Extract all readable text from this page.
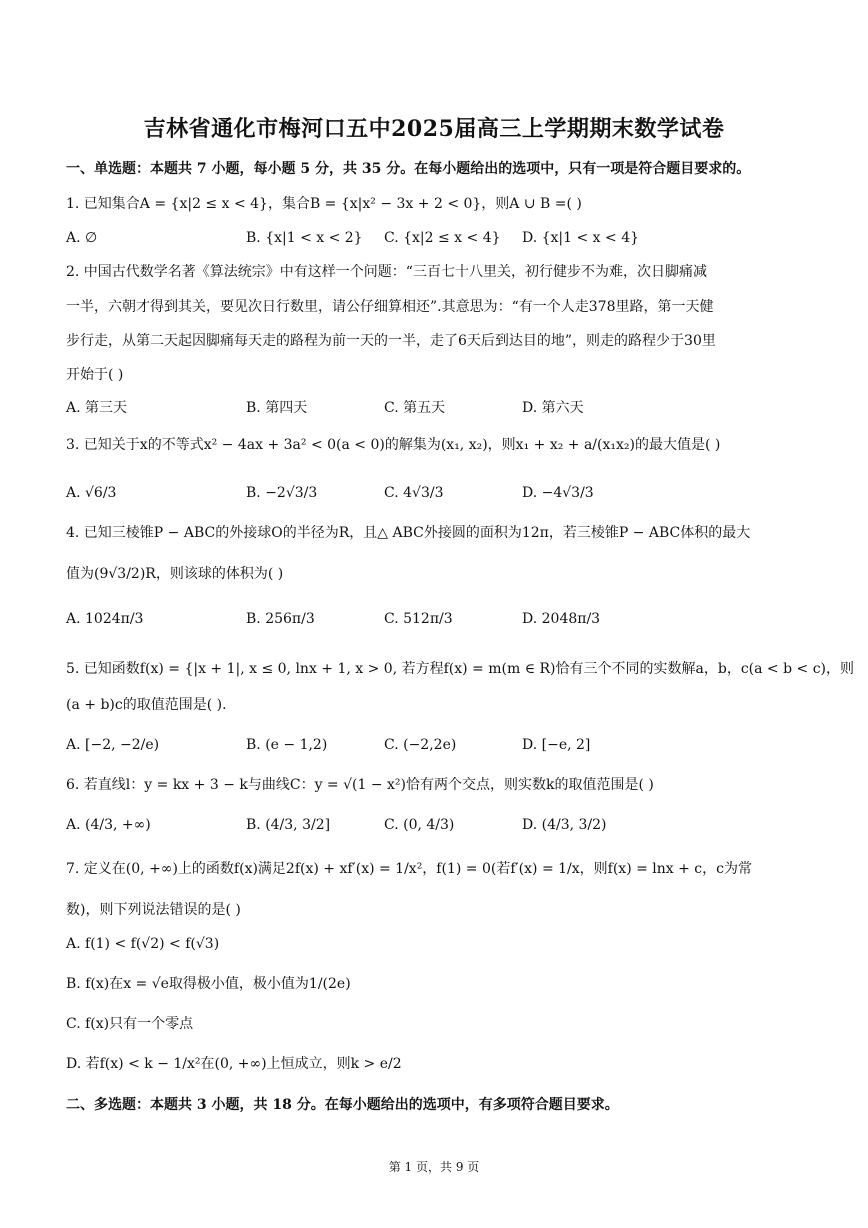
吉林省通化市梅河口五中2025届高三上学期期末数学试卷
一、单选题：本题共 7 小题，每小题 5 分，共 35 分。在每小题给出的选项中，只有一项是符合题目要求的。
1. 已知集合A = {x|2 ≤ x < 4}，集合B = {x|x² − 3x + 2 < 0}，则A ∪ B =( )
A. ∅	B. {x|1 < x < 2} C. {x|2 ≤ x < 4} D. {x|1 < x < 4}
2. 中国古代数学名著《算法统宗》中有这样一个问题：“三百七十八里关，初行健步不为难，次日脚痛减
一半，六朝才得到其关，要见次日行数里，请公仔细算相还”.其意思为：“有一个人走378里路，第一天健
步行走，从第二天起因脚痛每天走的路程为前一天的一半，走了6天后到达目的地”，则走的路程少于30里
开始于( )
A. 第三天	B. 第四天	C. 第五天	D. 第六天
3. 已知关于x的不等式x² − 4ax + 3a² < 0(a < 0)的解集为(x₁, x₂)，则x₁ + x₂ + a/(x₁x₂)的最大值是( )
A. √6/3	B. −2√3/3	C. 4√3/3	D. −4√3/3
4. 已知三棱锥P − ABC的外接球O的半径为R，且△ ABC外接圆的面积为12π，若三棱锥P − ABC体积的最大
值为(9√3/2)R，则该球的体积为( )
A. 1024π/3	B. 256π/3	C. 512π/3	D. 2048π/3
5. 已知函数f(x) = {|x + 1|, x ≤ 0, lnx + 1, x > 0, 若方程f(x) = m(m ∈ R)恰有三个不同的实数解a，b，c(a < b < c)，则
(a + b)c的取值范围是( ).
A. [−2, −2/e)	B. (e − 1,2)	C. (−2,2e)	D. [−e, 2]
6. 若直线l：y = kx + 3 − k与曲线C：y = √(1 − x²)恰有两个交点，则实数k的取值范围是( )
A. (4/3, +∞)	B. (4/3, 3/2]	C. (0, 4/3)	D. (4/3, 3/2)
7. 定义在(0, +∞)上的函数f(x)满足2f(x) + xf′(x) = 1/x²，f(1) = 0(若f′(x) = 1/x，则f(x) = lnx + c，c为常
数)，则下列说法错误的是( )
A. f(1) < f(√2) < f(√3)
B. f(x)在x = √e取得极小值，极小值为1/(2e)
C. f(x)只有一个零点
D. 若f(x) < k − 1/x²在(0, +∞)上恒成立，则k > e/2
二、多选题：本题共 3 小题，共 18 分。在每小题给出的选项中，有多项符合题目要求。
第 1 页，共 9 页
